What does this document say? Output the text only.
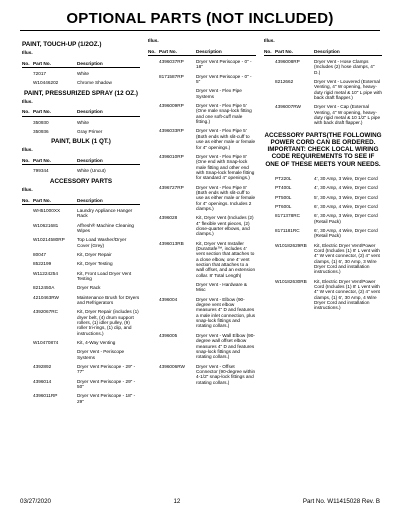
OPTIONAL PARTS (NOT INCLUDED)
PAINT, TOUCH-UP (1/2OZ.)
Illus.

No. Part No.	Description
72017	White
W10446202	Chrome Shadow
PAINT, PRESSURIZED SPRAY (12 OZ.)
Illus.

No. Part No.	Description
350930	White
350936	Gray Primer
PAINT, BULK (1 QT.)
Illus.

No. Part No.	Description
799344	White (Uncut)
ACCESSORY PARTS
Illus.

No. Part No.	Description
WH51000XX	Laundry Appliance Hanger Rack
W10621681	Affresh® Machine Cleaning Wipes
W10214580RP	Top Load Washer/Dryer Cover (Grey)
80047	Kit, Dryer Repair
8522199	Kit, Dryer Testing
W11224254	Kit, Front Load Dryer Vent Testing
8212450A	Dryer Rack
4210463RW	Maintenance Brush for Dryers and Refrigerators
4392067RC	Kit, Dryer Repair (includes (1) dryer belt, (4) drum support rollers, (1) idler pulley, (9) roller tri-rings, (1) clip, and instructions.)
W10470874	Kit, 4-Way Venting
Dryer Vent - Periscope Systems
4392892	Dryer Vent Periscope - 29" - 77"
4396014	Dryer Vent Periscope - 29" - 50"
4396011RP	Dryer Vent Periscope - 18" - 29"
Illus.

No. Part No.	Description
4396037RP	Dryer Vent Periscope - 0" - 18"
8171587RP	Dryer Vent Periscope - 0" - 5"
Dryer Vent - Flex Pipe Systems
4396009RP	Dryer Vent - Flex Pipe 5' (One male snap-lock fitting and one soft-cuff male fitting.)
4396033RP	Dryer Vent - Flex Pipe 5' (Both ends with slit-cuff to use as either male or female for 4" openings.)
4396010RP	Dryer Vent - Flex Pipe 8' (One end with Snap-lock male fitting and other end with Snap-lock female fitting for standard 4" openings.)
4396727RP	Dryer Vent - Flex Pipe 8' (Both ends with slit-cuff to use as either male or female for 4" openings. Includes 2 clamps.)
4396028	Kit, Dryer Vent (Includes (2) 4" flexible vent pieces, (2) close-quarter elbows, and clamps.)
4396013RB	Kit, Dryer Vent Installer (DuraSafe™, includes 4' vent section that attaches to a close elbow, one 4' vent section that attaches to a wall offset, and an extension collar. 8' Total Length)
Dryer Vent - Hardware & Misc
4396004	Dryer Vent - Elbow (90-degree vent elbow measures 4" D and features a male inlet connection, plus snap-lock fittings and rotating collars.)
4396005	Dryer Vent - Wall Elbow (90-degree wall offset elbow measures 4" D and features snap-lock fittings and rotating collars.)
4396006RW	Dryer Vent - Offset Connector (90-degree within 4-1/2" snap-lock fittings and rotating collars.)
Illus.

No. Part No.	Description
4396008RP	Dryer Vent - Hose Clamps (Includes (2) hose clamps, 4" D.)
8212662	Dryer Vent - Louvered (External Venting, 4" W opening, heavy-duty rigid metal & 10" L pipe with back draft flapper.)
4396007RW	Dryer Vent - Cap (External Venting, 4" W opening, heavy-duty rigid metal & 10 1/2" L pipe with back draft flapper.)
ACCESSORY PARTS(THE FOLLOWING POWER CORD CAN BE ORDERED. IMPORTANT: CHECK LOCAL WIRING CODE REQUIREMENTS TO SEE IF ONE OF THESE MEETS YOUR NEEDS.
PT220L	4', 30 Amp, 3 Wire, Dryer Cord
PT400L	4', 30 Amp, 4 Wire, Dryer Cord
PT500L	5', 30 Amp, 3 Wire, Dryer Cord
PT600L	6', 30 Amp, 4 Wire, Dryer Cord
8171378RC	6', 30 Amp, 3 Wire, Dryer Cord (Retail Pack)
8171181RC	6', 30 Amp, 4 Wire, Dryer Cord (Retail Pack)
W10182629RB	Kit, Electric Dryer Vent/Power Cord (Includes (1) 8' L vent with 4" W vent connector, (2) 4" vent clamps, (1) 6', 30 Amp, 3 Wire Dryer Cord and installation instructions.)
W10182630RB	Kit, Electric Dryer Vent/Power Cord (Includes (1) 8' L vent with 4" W vent connector, (2) 4" vent clamps, (1) 6', 30 Amp, 4 Wire Dryer Cord and installation instructions.)
03/27/2020	12	Part No. W11415028 Rev. B
